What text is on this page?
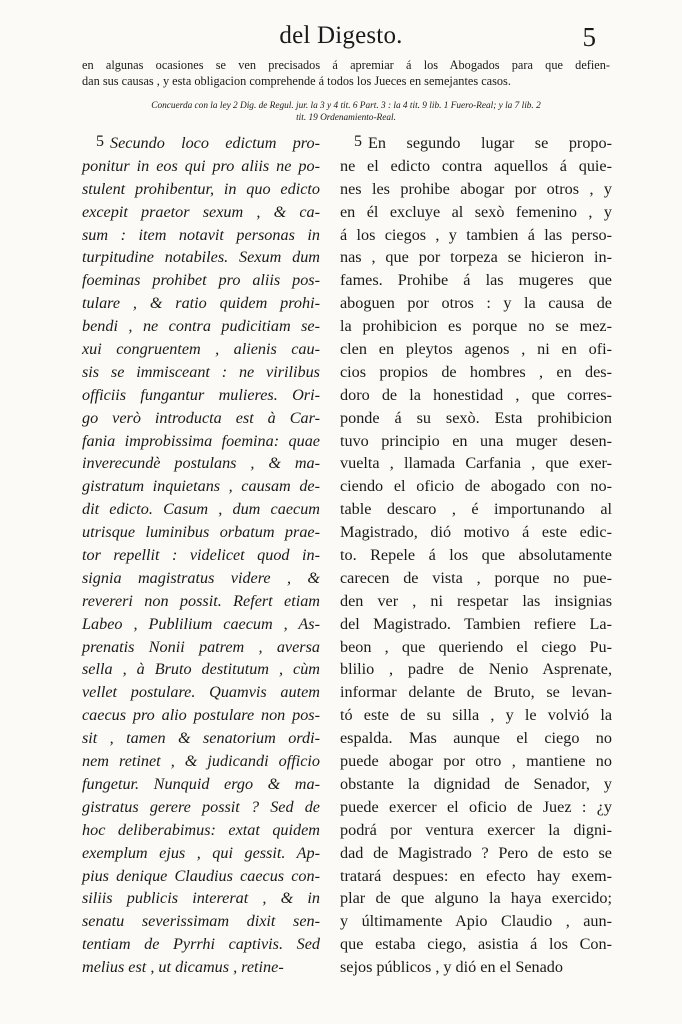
del Digesto.	5
en algunas ocasiones se ven precisados á apremiar á los Abogados para que defien-
dan sus causas , y esta obligacion comprehende á todos los Jueces en semejantes casos.
Concuerda con la ley 2 Dig. de Regul. jur. la 3 y 4 tit. 6 Part. 3 : la 4 tit. 9 lib. 1 Fuero-Real; y la 7 lib. 2
tit. 19 Ordenamiento-Real.
5	5
Secundo loco edictum pro-
ponitur in eos qui pro aliis ne po-
stulent prohibentur, in quo edicto
excepit praetor sexum , & ca-
sum : item notavit personas in
turpitudine notabiles. Sexum dum
foeminas prohibet pro aliis pos-
tulare , & ratio quidem prohi-
bendi , ne contra pudicitiam se-
xui congruentem , alienis cau-
sis se immisceant : ne virilibus
officiis fungantur mulieres. Ori-
go verò introducta est à Car-
fania improbissima foemina: quae
inverecundè postulans , & ma-
gistratum inquietans , causam de-
dit edicto. Casum , dum caecum
utrisque luminibus orbatum prae-
tor repellit : videlicet quod in-
signia magistratus videre , &
revereri non possit. Refert etiam
Labeo , Publilium caecum , As-
prenatis Nonii patrem , aversa
sella , à Bruto destitutum , cùm
vellet postulare. Quamvis autem
caecus pro alio postulare non pos-
sit , tamen & senatorium ordi-
nem retinet , & judicandi officio
fungetur. Nunquid ergo & ma-
gistratus gerere possit ? Sed de
hoc deliberabimus: extat quidem
exemplum ejus , qui gessit. Ap-
pius denique Claudius caecus con-
siliis publicis intererat , & in
senatu severissimam dixit sen-
tentiam de Pyrrhi captivis. Sed
melius est , ut dicamus , retine-
En segundo lugar se propo-
ne el edicto contra aquellos á quie-
nes les prohibe abogar por otros , y
en él excluye al sexò femenino , y
á los ciegos , y tambien á las perso-
nas , que por torpeza se hicieron in-
fames. Prohibe á las mugeres que
aboguen por otros : y la causa de
la prohibicion es porque no se mez-
clen en pleytos agenos , ni en ofi-
cios propios de hombres , en des-
doro de la honestidad , que corres-
ponde á su sexò. Esta prohibicion
tuvo principio en una muger desen-
vuelta , llamada Carfania , que exer-
ciendo el oficio de abogado con no-
table descaro , é importunando al
Magistrado, dió motivo á este edic-
to. Repele á los que absolutamente
carecen de vista , porque no pue-
den ver , ni respetar las insignias
del Magistrado. Tambien refiere La-
beon , que queriendo el ciego Pu-
blilio , padre de Nenio Asprenate,
informar delante de Bruto, se levan-
tó este de su silla , y le volvió la
espalda. Mas aunque el ciego no
puede abogar por otro , mantiene no
obstante la dignidad de Senador, y
puede exercer el oficio de Juez : ¿y
podrá por ventura exercer la digni-
dad de Magistrado ? Pero de esto se
tratará despues: en efecto hay exem-
plar de que alguno la haya exercido;
y últimamente Apio Claudio , aun-
que estaba ciego, asistia á los Con-
sejos públicos , y dió en el Senado
